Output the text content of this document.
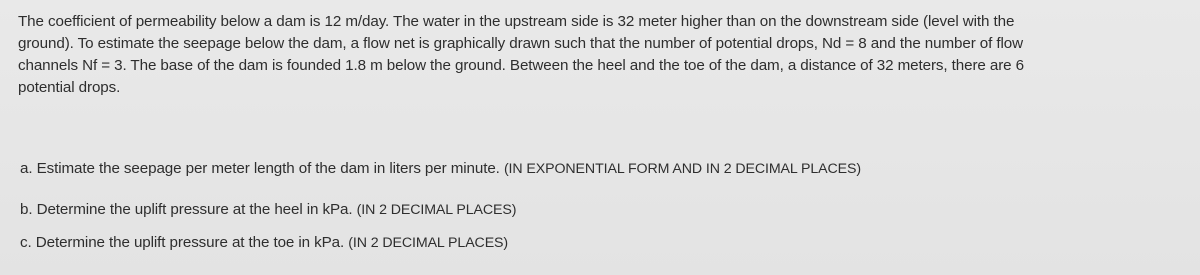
The coefficient of permeability below a dam is 12 m/day. The water in the upstream side is 32 meter higher than on the downstream side (level with the
ground). To estimate the seepage below the dam, a flow net is graphically drawn such that the number of potential drops, Nd = 8 and the number of flow
channels Nf = 3. The base of the dam is founded 1.8 m below the ground. Between the heel and the toe of the dam, a distance of 32 meters, there are 6
potential drops.
a. Estimate the seepage per meter length of the dam in liters per minute. (IN EXPONENTIAL FORM AND IN 2 DECIMAL PLACES)
b. Determine the uplift pressure at the heel in kPa. (IN 2 DECIMAL PLACES)
c. Determine the uplift pressure at the toe in kPa. (IN 2 DECIMAL PLACES)
